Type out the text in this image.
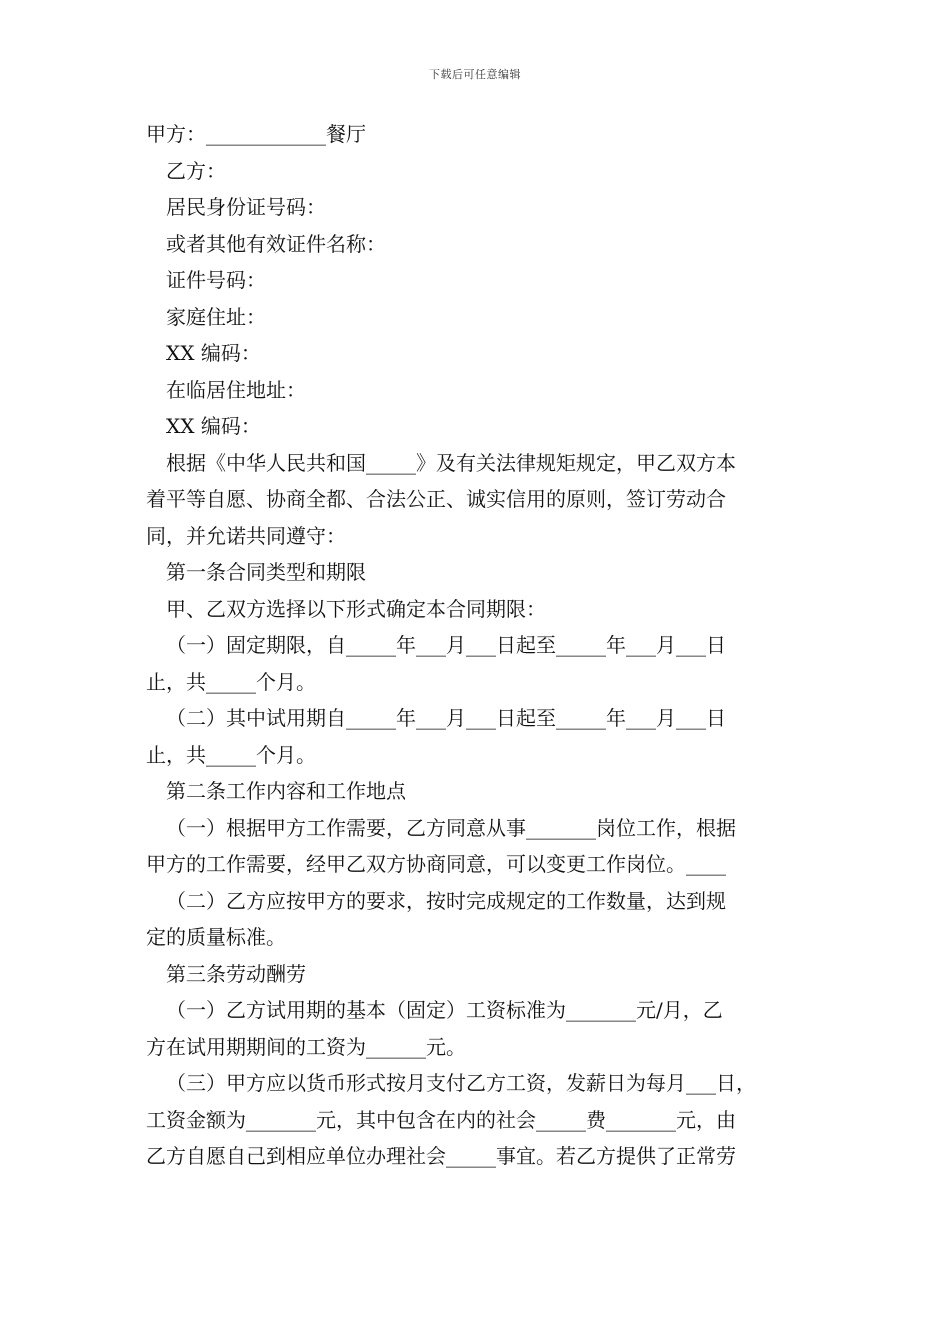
下载后可任意编辑
甲方：____________餐厅
乙方：
居民身份证号码：
或者其他有效证件名称：
证件号码：
家庭住址：
XX 编码：
在临居住地址：
XX 编码：
根据《中华人民共和国_____》及有关法律规矩规定，甲乙双方本
着平等自愿、协商全都、合法公正、诚实信用的原则，签订劳动合
同，并允诺共同遵守：
第一条合同类型和期限
甲、乙双方选择以下形式确定本合同期限：
（一）固定期限，自_____年___月___日起至_____年___月___日
止，共_____个月。
（二）其中试用期自_____年___月___日起至_____年___月___日
止，共_____个月。
第二条工作内容和工作地点
（一）根据甲方工作需要，乙方同意从事_______岗位工作，根据
甲方的工作需要，经甲乙双方协商同意，可以变更工作岗位。____
（二）乙方应按甲方的要求，按时完成规定的工作数量，达到规
定的质量标准。
第三条劳动酬劳
（一）乙方试用期的基本（固定）工资标准为_______元/月，乙
方在试用期期间的工资为______元。
（三）甲方应以货币形式按月支付乙方工资，发薪日为每月___日，
工资金额为_______元，其中包含在内的社会_____费_______元，由
乙方自愿自己到相应单位办理社会_____事宜。若乙方提供了正常劳
